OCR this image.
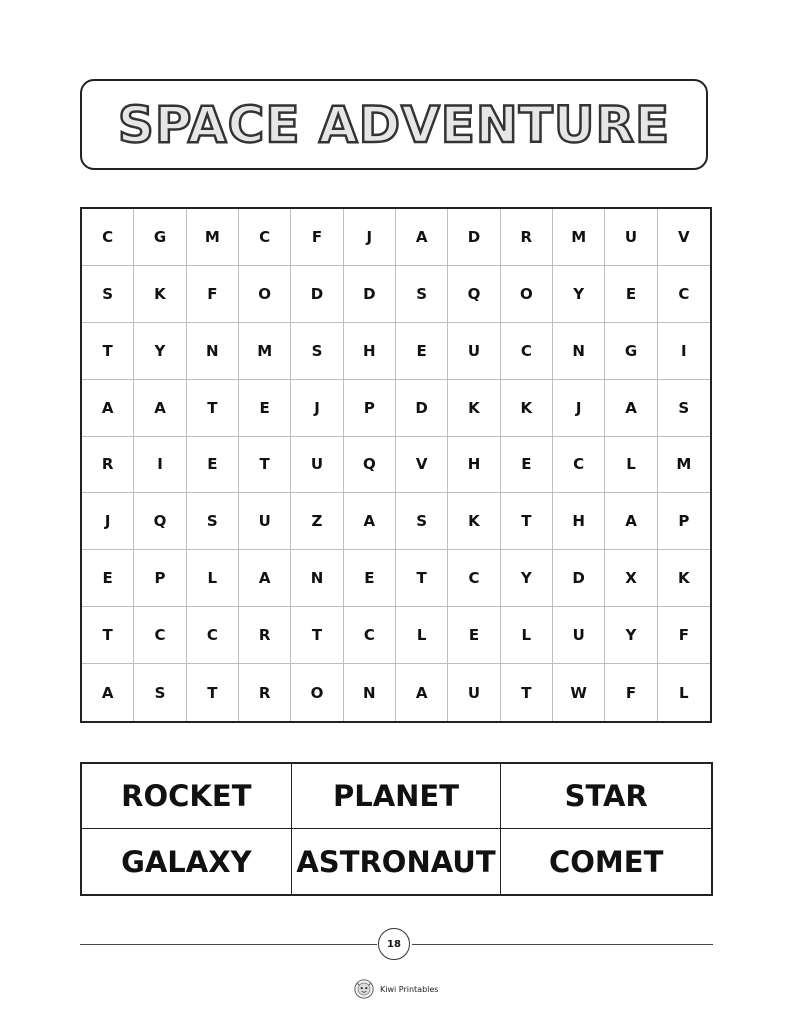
SPACE ADVENTURE
C	G	M	C	F	J	A	D	R	M	U	V
S	K	F	O	D	D	S	Q	O	Y	E	C
T	Y	N	M	S	H	E	U	C	N	G	I
A	A	T	E	J	P	D	K	K	J	A	S
R	I	E	T	U	Q	V	H	E	C	L	M
J	Q	S	U	Z	A	S	K	T	H	A	P
E	P	L	A	N	E	T	C	Y	D	X	K
T	C	C	R	T	C	L	E	L	U	Y	F
A	S	T	R	O	N	A	U	T	W	F	L
ROCKET	PLANET	STAR
GALAXY	ASTRONAUT	COMET
18
Kiwi Printables
